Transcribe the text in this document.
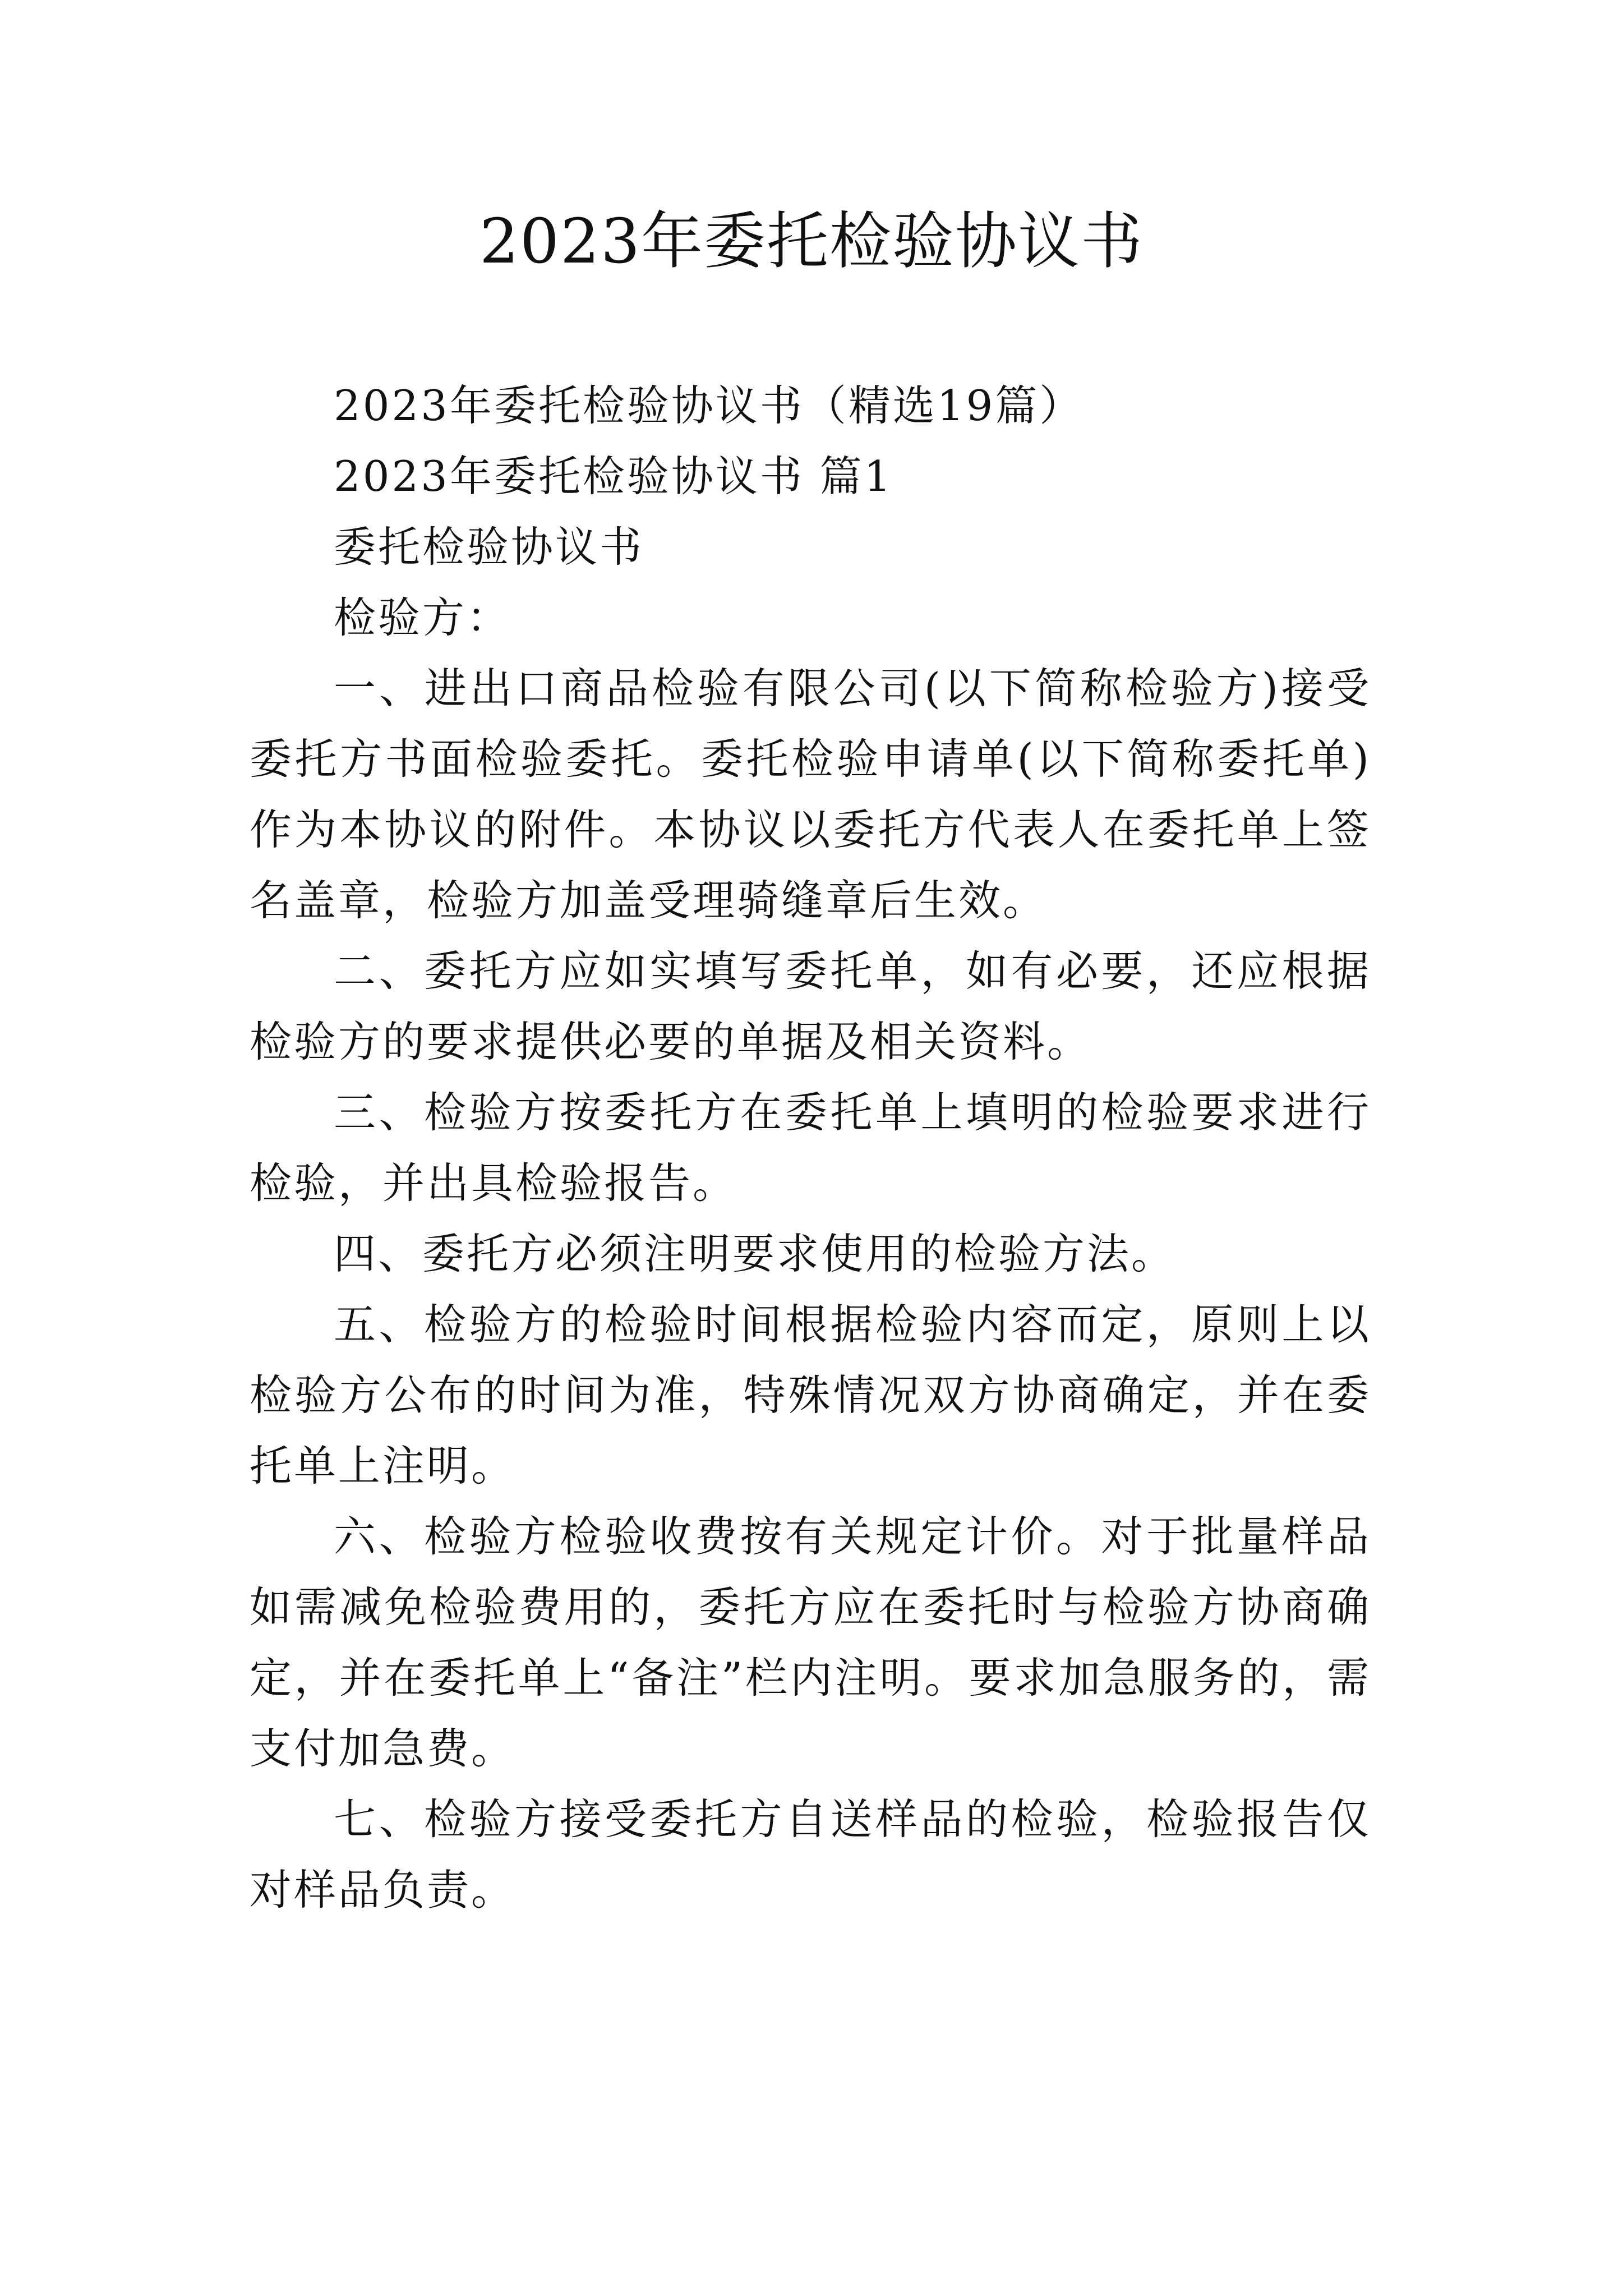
2023年委托检验协议书

2023年委托检验协议书（精选19篇）

2023年委托检验协议书 篇1

委托检验协议书

检验方：

一、进出口商品检验有限公司(以下简称检验方)接受委托方书面检验委托。委托检验申请单(以下简称委托单)作为本协议的附件。本协议以委托方代表人在委托单上签名盖章，检验方加盖受理骑缝章后生效。

二、委托方应如实填写委托单，如有必要，还应根据检验方的要求提供必要的单据及相关资料。

三、检验方按委托方在委托单上填明的检验要求进行检验，并出具检验报告。

四、委托方必须注明要求使用的检验方法。

五、检验方的检验时间根据检验内容而定，原则上以检验方公布的时间为准，特殊情况双方协商确定，并在委托单上注明。

六、检验方检验收费按有关规定计价。对于批量样品如需减免检验费用的，委托方应在委托时与检验方协商确定，并在委托单上“备注”栏内注明。要求加急服务的，需支付加急费。

七、检验方接受委托方自送样品的检验，检验报告仅对样品负责。
